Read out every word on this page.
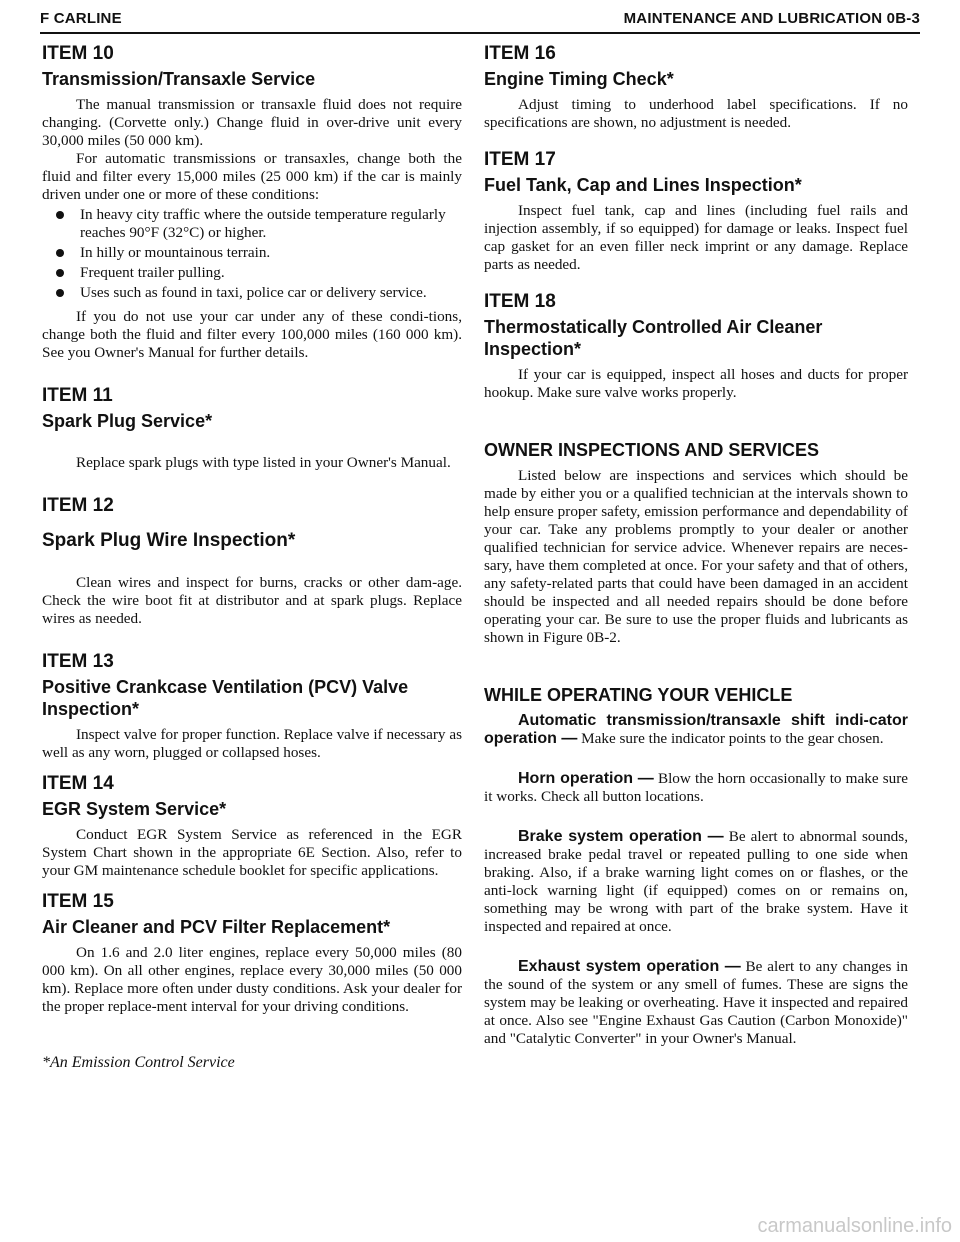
F CARLINE	MAINTENANCE AND LUBRICATION 0B-3
ITEM 10
Transmission/Transaxle Service

The manual transmission or transaxle fluid does not require changing. (Corvette only.) Change fluid in over-drive unit every 30,000 miles (50 000 km).

For automatic transmissions or transaxles, change both the fluid and filter every 15,000 miles (25 000 km) if the car is mainly driven under one or more of these conditions:

In heavy city traffic where the outside temperature regularly reaches 90°F (32°C) or higher.
In hilly or mountainous terrain.
Frequent trailer pulling.
Uses such as found in taxi, police car or delivery service.

If you do not use your car under any of these condi-tions, change both the fluid and filter every 100,000 miles (160 000 km). See you Owner's Manual for further details.

ITEM 11
Spark Plug Service*

Replace spark plugs with type listed in your Owner's Manual.

ITEM 12
Spark Plug Wire Inspection*

Clean wires and inspect for burns, cracks or other dam-age. Check the wire boot fit at distributor and at spark plugs. Replace wires as needed.

ITEM 13
Positive Crankcase Ventilation (PCV) Valve Inspection*

Inspect valve for proper function. Replace valve if necessary as well as any worn, plugged or collapsed hoses.

ITEM 14
EGR System Service*

Conduct EGR System Service as referenced in the EGR System Chart shown in the appropriate 6E Section. Also, refer to your GM maintenance schedule booklet for specific applications.

ITEM 15
Air Cleaner and PCV Filter Replacement*

On 1.6 and 2.0 liter engines, replace every 50,000 miles (80 000 km). On all other engines, replace every 30,000 miles (50 000 km). Replace more often under dusty conditions. Ask your dealer for the proper replace-ment interval for your driving conditions.

*An Emission Control Service
ITEM 16
Engine Timing Check*

Adjust timing to underhood label specifications. If no specifications are shown, no adjustment is needed.

ITEM 17
Fuel Tank, Cap and Lines Inspection*

Inspect fuel tank, cap and lines (including fuel rails and injection assembly, if so equipped) for damage or leaks. Inspect fuel cap gasket for an even filler neck imprint or any damage. Replace parts as needed.

ITEM 18
Thermostatically Controlled Air Cleaner Inspection*

If your car is equipped, inspect all hoses and ducts for proper hookup. Make sure valve works properly.

OWNER INSPECTIONS AND SERVICES

Listed below are inspections and services which should be made by either you or a qualified technician at the intervals shown to help ensure proper safety, emission performance and dependability of your car. Take any problems promptly to your dealer or another qualified technician for service advice. Whenever repairs are neces-sary, have them completed at once. For your safety and that of others, any safety-related parts that could have been damaged in an accident should be inspected and all needed repairs should be done before operating your car. Be sure to use the proper fluids and lubricants as shown in Figure 0B-2.

WHILE OPERATING YOUR VEHICLE

Automatic transmission/transaxle shift indi-cator operation — Make sure the indicator points to the gear chosen.

Horn operation — Blow the horn occasionally to make sure it works. Check all button locations.

Brake system operation — Be alert to abnormal sounds, increased brake pedal travel or repeated pulling to one side when braking. Also, if a brake warning light comes on or flashes, or the anti-lock warning light (if equipped) comes on or remains on, something may be wrong with part of the brake system. Have it inspected and repaired at once.

Exhaust system operation — Be alert to any changes in the sound of the system or any smell of fumes. These are signs the system may be leaking or overheating. Have it inspected and repaired at once. Also see "Engine Exhaust Gas Caution (Carbon Monoxide)" and "Catalytic Converter" in your Owner's Manual.

carmanualsonline.info
